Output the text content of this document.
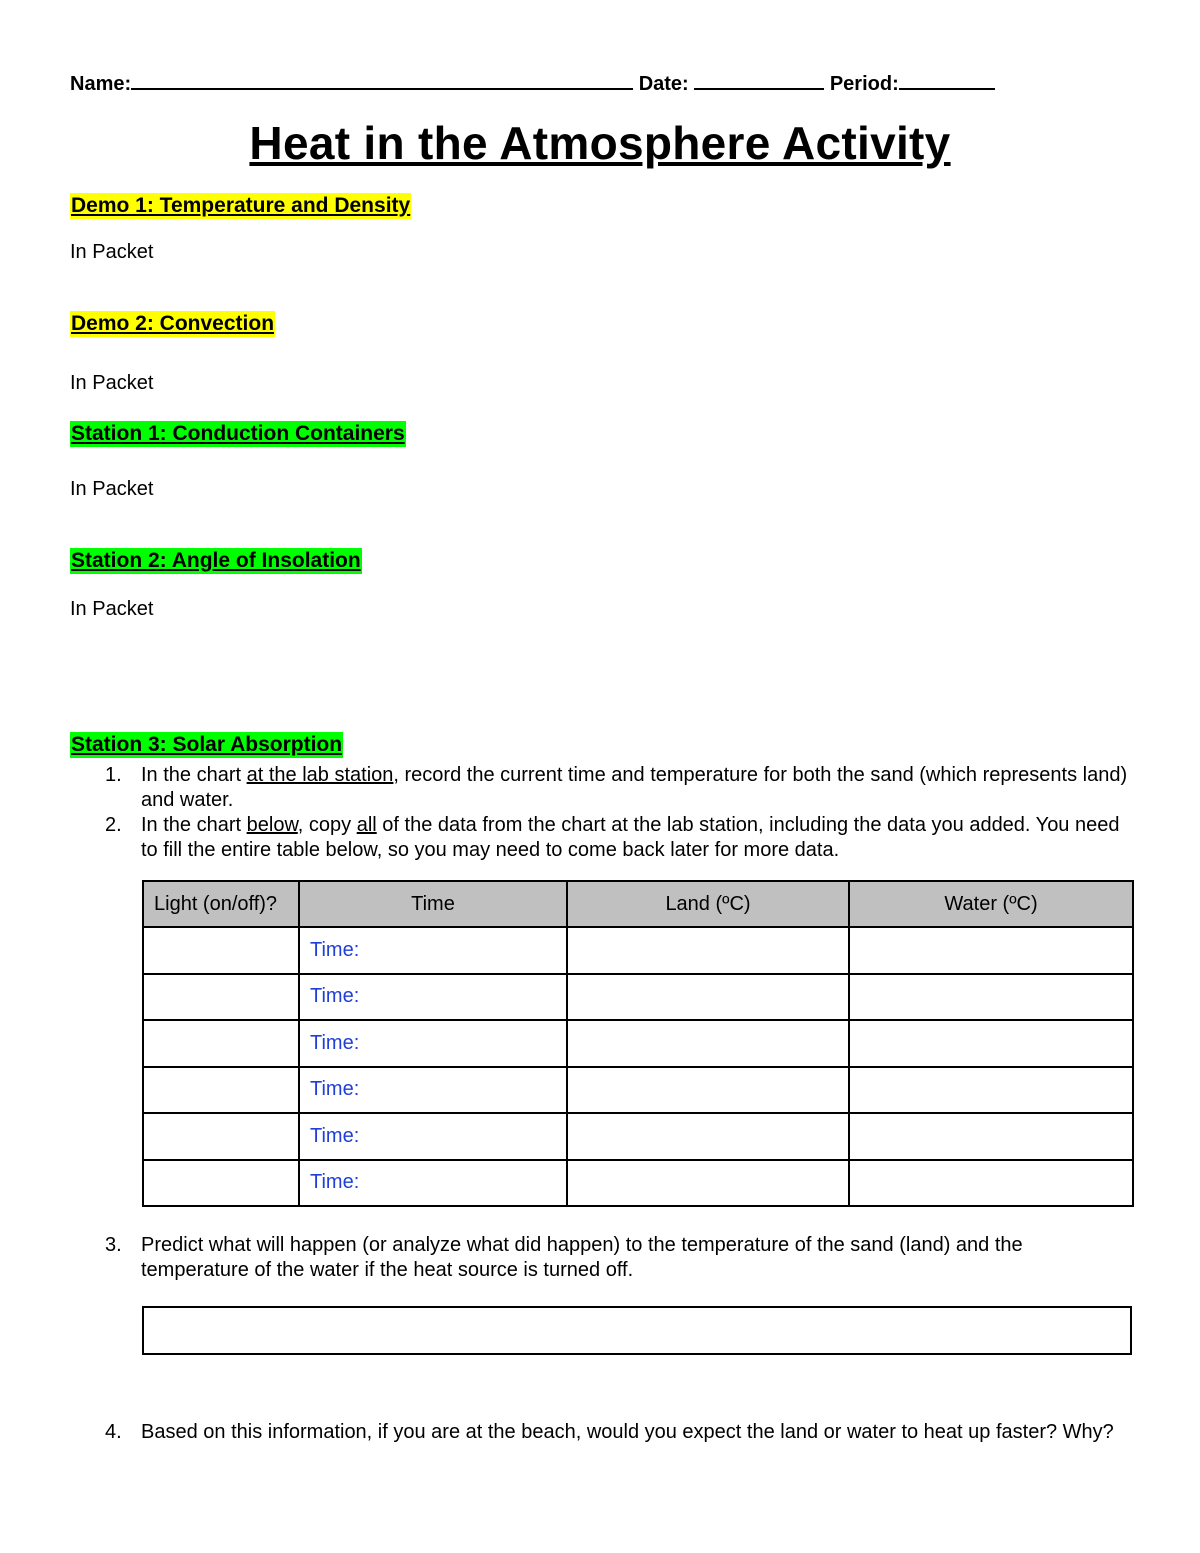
Name:	Date:	Period:
Heat in the Atmosphere Activity
Demo 1: Temperature and Density
In Packet
Demo 2: Convection
In Packet
Station 1: Conduction Containers
In Packet
Station 2: Angle of Insolation
In Packet
Station 3: Solar Absorption
1. In the chart at the lab station, record the current time and temperature for both the sand (which represents land) and water.
2. In the chart below, copy all of the data from the chart at the lab station, including the data you added. You need to fill the entire table below, so you may need to come back later for more data.
Light (on/off)?	Time	Land (ºC)	Water (ºC)
	Time:		
	Time:		
	Time:		
	Time:		
	Time:		
	Time:		
3. Predict what will happen (or analyze what did happen) to the temperature of the sand (land) and the temperature of the water if the heat source is turned off.
4. Based on this information, if you are at the beach, would you expect the land or water to heat up faster? Why?
